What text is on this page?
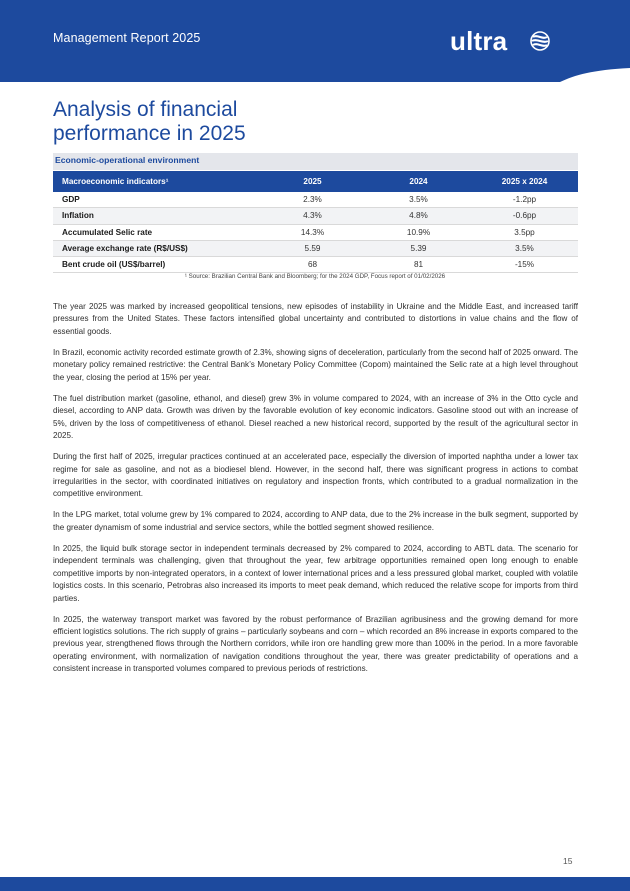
Management Report 2025	ultra
Analysis of financial
performance in 2025
Economic-operational environment
Macroeconomic indicators¹	2025	2024	2025 x 2024
GDP	2.3%	3.5%	-1.2pp
Inflation	4.3%	4.8%	-0.6pp
Accumulated Selic rate	14.3%	10.9%	3.5pp
Average exchange rate (R$/US$)	5.59	5.39	3.5%
Bent crude oil (US$/barrel)	68	81	-15%
¹ Source: Brazilian Central Bank and Bloomberg; for the 2024 GDP, Focus report of 01/02/2026

The year 2025 was marked by increased geopolitical tensions, new episodes of instability in Ukraine and the Middle East, and increased tariff pressures from the United States. These factors intensified global uncertainty and contributed to distortions in value chains and the flow of essential goods.

In Brazil, economic activity recorded estimate growth of 2.3%, showing signs of deceleration, particularly from the second half of 2025 onward. The monetary policy remained restrictive: the Central Bank’s Monetary Policy Committee (Copom) maintained the Selic rate at a high level throughout the year, closing the period at 15% per year.

The fuel distribution market (gasoline, ethanol, and diesel) grew 3% in volume compared to 2024, with an increase of 3% in the Otto cycle and diesel, according to ANP data. Growth was driven by the favorable evolution of key economic indicators. Gasoline stood out with an increase of 5%, driven by the loss of competitiveness of ethanol. Diesel reached a new historical record, supported by the result of the agricultural sector in 2025.

During the first half of 2025, irregular practices continued at an accelerated pace, especially the diversion of imported naphtha under a lower tax regime for sale as gasoline, and not as a biodiesel blend. However, in the second half, there was significant progress in actions to combat irregularities in the sector, with coordinated initiatives on regulatory and inspection fronts, which contributed to a gradual normalization in the competitive environment.

In the LPG market, total volume grew by 1% compared to 2024, according to ANP data, due to the 2% increase in the bulk segment, supported by the greater dynamism of some industrial and service sectors, while the bottled segment showed resilience.

In 2025, the liquid bulk storage sector in independent terminals decreased by 2% compared to 2024, according to ABTL data. The scenario for independent terminals was challenging, given that throughout the year, few arbitrage opportunities remained open long enough to enable competitive imports by non-integrated operators, in a context of lower international prices and a less pressured global market, coupled with volatile logistics costs. In this scenario, Petrobras also increased its imports to meet peak demand, which reduced the relative scope for imports from third parties.

In 2025, the waterway transport market was favored by the robust performance of Brazilian agribusiness and the growing demand for more efficient logistics solutions. The rich supply of grains – particularly soybeans and corn – which recorded an 8% increase in exports compared to the previous year, strengthened flows through the Northern corridors, while iron ore handling grew more than 100% in the period. In a more favorable operating environment, with normalization of navigation conditions throughout the year, there was greater predictability of operations and a consistent increase in transported volumes compared to previous periods of restrictions.

15
